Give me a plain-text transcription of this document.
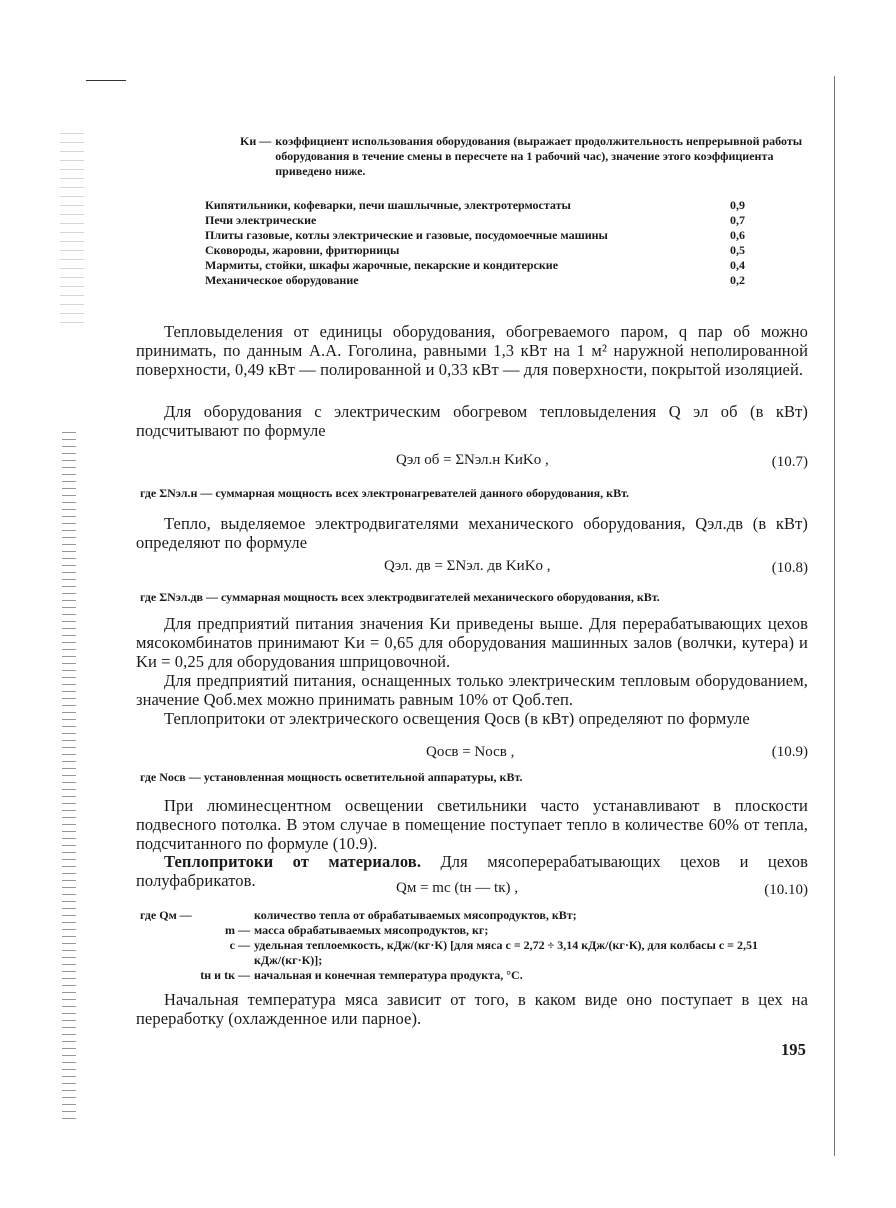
Kи — коэффициент использования оборудования (выражает продолжительность непрерывной работы оборудования в течение смены в пересчете на 1 рабочий час), значение этого коэффициента приведено ниже.
Кипятильники, кофеварки, печи шашлычные, электротермостаты	0,9
Печи электрические	0,7
Плиты газовые, котлы электрические и газовые, посудомоечные машины	0,6
Сковороды, жаровни, фритюрницы	0,5
Мармиты, стойки, шкафы жарочные, пекарские и кондитерские	0,4
Механическое оборудование	0,2
Тепловыделения от единицы оборудования, обогреваемого паром, q пар об можно принимать, по данным А.А. Гоголина, равными 1,3 кВт на 1 м² наружной неполированной поверхности, 0,49 кВт — полированной и 0,33 кВт — для поверхности, покрытой изоляцией.
Для оборудования с электрическим обогревом тепловыделения Q эл об (в кВт) подсчитывают по формуле
Qэл об = ΣNэл.н KиKо ,	(10.7)
где ΣNэл.н — суммарная мощность всех электронагревателей данного оборудования, кВт.
Тепло, выделяемое электродвигателями механического оборудования, Qэл.дв (в кВт) определяют по формуле
Qэл. дв = ΣNэл. дв KиKо ,	(10.8)
где ΣNэл.дв — суммарная мощность всех электродвигателей механического оборудования, кВт.
Для предприятий питания значения Kи приведены выше. Для перерабатывающих цехов мясокомбинатов принимают Kи = 0,65 для оборудования машинных залов (волчки, кутера) и Kи = 0,25 для оборудования шприцовочной.
Для предприятий питания, оснащенных только электрическим тепловым оборудованием, значение Qоб.мех можно принимать равным 10% от Qоб.теп.
Теплопритоки от электрического освещения Qосв (в кВт) определяют по формуле
Qосв = Nосв ,	(10.9)
где Nосв — установленная мощность осветительной аппаратуры, кВт.
При люминесцентном освещении светильники часто устанавливают в плоскости подвесного потолка. В этом случае в помещение поступает тепло в количестве 60% от тепла, подсчитанного по формуле (10.9).
Теплопритоки от материалов. Для мясоперерабатывающих цехов и цехов полуфабрикатов.	Qм = mc (tн — tк) ,	(10.10)
где Qм —	количество тепла от обрабатываемых мясопродуктов, кВт;
m — масса обрабатываемых мясопродуктов, кг;
c — удельная теплоемкость, кДж/(кг·К) [для мяса c = 2,72 ÷ 3,14 кДж/(кг·К), для колбасы c = 2,51 кДж/(кг·К)];
tн и tк — начальная и конечная температура продукта, °С.
Начальная температура мяса зависит от того, в каком виде оно поступает в цех на переработку (охлажденное или парное).
195
